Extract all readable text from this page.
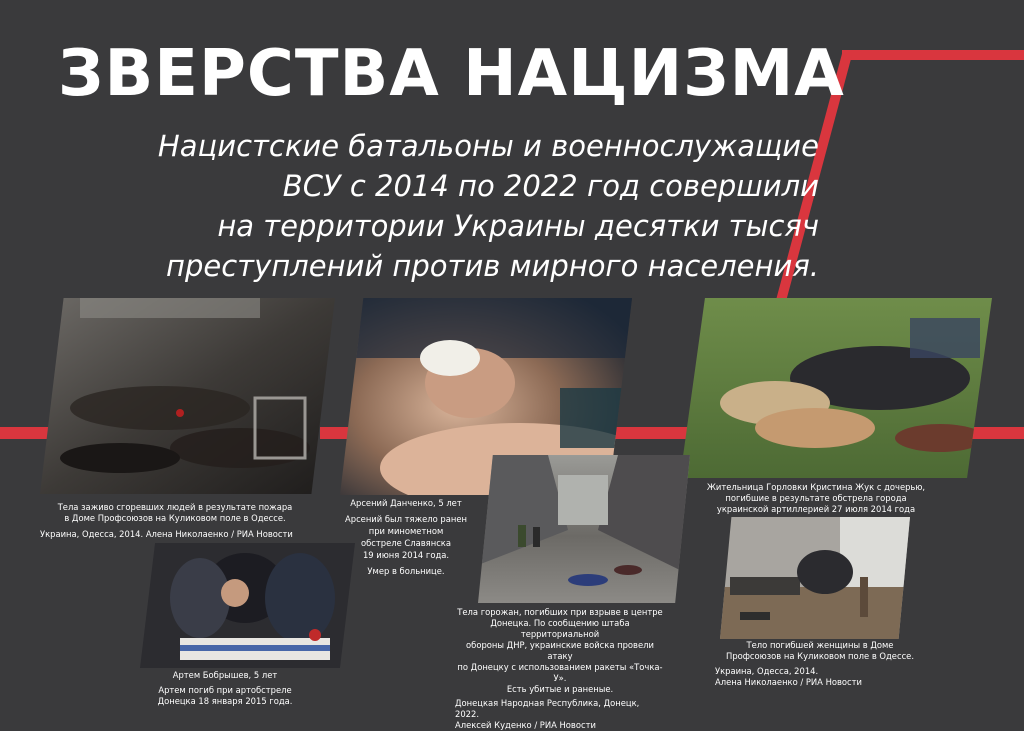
ЗВЕРСТВА НАЦИЗМА
Нацистские батальоны и военнослужащие
ВСУ с 2014 по 2022 год совершили
на территории Украины десятки тысяч
преступлений против мирного населения.
Тела заживо сгоревших людей в результате пожара
в Доме Профсоюзов на Куликовом поле в Одессе.
Украина, Одесса, 2014. Алена Николаенко / РИА Новости
Арсений Данченко, 5 лет
Арсений был тяжело ранен
при минометном
обстреле Славянска
19 июня 2014 года.
Умер в больнице.
Жительница Горловки Кристина Жук с дочерью,
погибшие в результате обстрела города
украинской артиллерией 27 июля 2014 года
Артем Бобрышев, 5 лет
Артем погиб при артобстреле
Донецка 18 января 2015 года.
Тела горожан, погибших при взрыве в центре
Донецка. По сообщению штаба территориальной
обороны ДНР, украинские войска провели атаку
по Донецку с использованием ракеты «Точка-У».
Есть убитые и раненые.
Донецкая Народная Республика, Донецк, 2022.
Алексей Куденко / РИА Новости
Тело погибшей женщины в Доме
Профсоюзов на Куликовом поле в Одессе.
Украина, Одесса, 2014.
Алена Николаенко / РИА Новости
